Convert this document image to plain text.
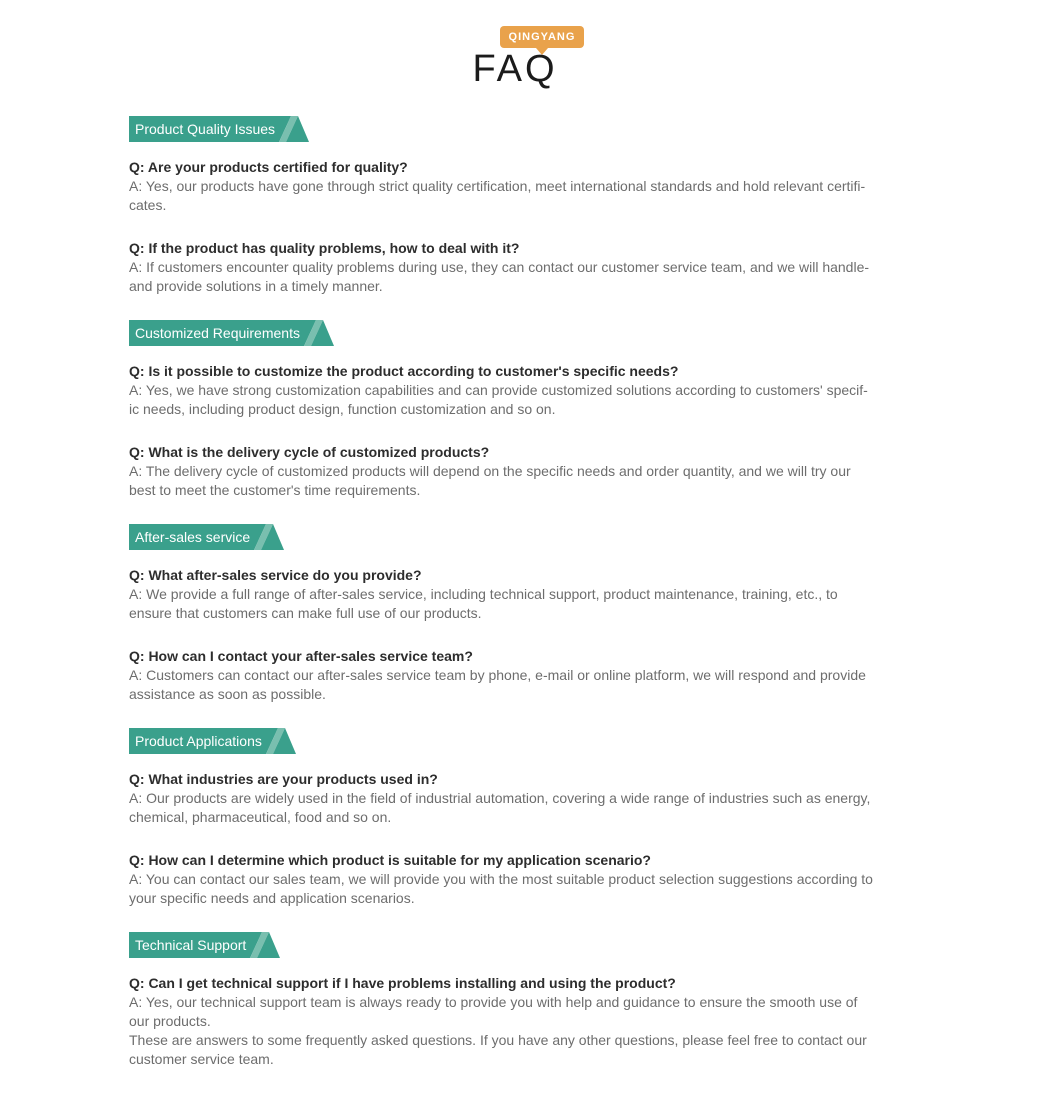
QINGYANG
FAQ
Product Quality Issues
Q: Are your products certified for quality?
A: Yes, our products have gone through strict quality certification, meet international standards and hold relevant certifi-
cates.
Q: If the product has quality problems, how to deal with it?
A: If customers encounter quality problems during use, they can contact our customer service team, and we will handle-
and provide solutions in a timely manner.
Customized Requirements
Q: Is it possible to customize the product according to customer's specific needs?
A: Yes, we have strong customization capabilities and can provide customized solutions according to customers' specif-
ic needs, including product design, function customization and so on.
Q: What is the delivery cycle of customized products?
A: The delivery cycle of customized products will depend on the specific needs and order quantity, and we will try our
best to meet the customer's time requirements.
After-sales service
Q: What after-sales service do you provide?
A: We provide a full range of after-sales service, including technical support, product maintenance, training, etc., to
ensure that customers can make full use of our products.
Q: How can I contact your after-sales service team?
A: Customers can contact our after-sales service team by phone, e-mail or online platform, we will respond and provide
assistance as soon as possible.
Product Applications
Q: What industries are your products used in?
A: Our products are widely used in the field of industrial automation, covering a wide range of industries such as energy,
chemical, pharmaceutical, food and so on.
Q: How can I determine which product is suitable for my application scenario?
A: You can contact our sales team, we will provide you with the most suitable product selection suggestions according to
your specific needs and application scenarios.
Technical Support
Q: Can I get technical support if I have problems installing and using the product?
A: Yes, our technical support team is always ready to provide you with help and guidance to ensure the smooth use of
our products.
These are answers to some frequently asked questions. If you have any other questions, please feel free to contact our
customer service team.
